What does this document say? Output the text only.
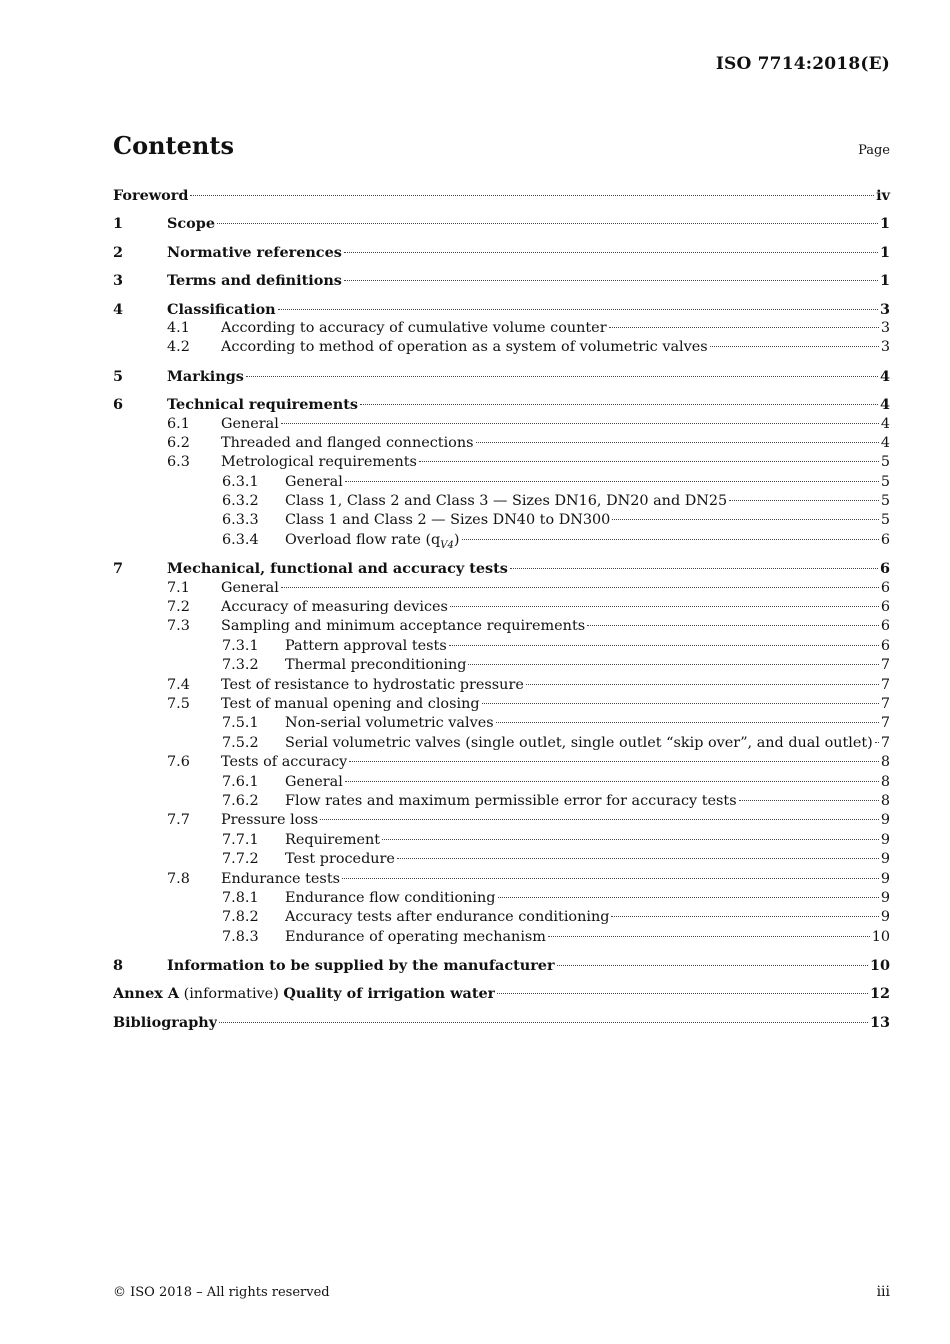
ISO 7714:2018(E)
Contents	Page
Foreword	iv
1	Scope	1
2	Normative references	1
3	Terms and definitions	1
4	Classification	3
4.1	According to accuracy of cumulative volume counter	3
4.2	According to method of operation as a system of volumetric valves	3
5	Markings	4
6	Technical requirements	4
6.1	General	4
6.2	Threaded and flanged connections	4
6.3	Metrological requirements	5
6.3.1	General	5
6.3.2	Class 1, Class 2 and Class 3 — Sizes DN16, DN20 and DN25	5
6.3.3	Class 1 and Class 2 — Sizes DN40 to DN300	5
6.3.4	Overload flow rate $(q_{V4})$	6
7	Mechanical, functional and accuracy tests	6
7.1	General	6
7.2	Accuracy of measuring devices	6
7.3	Sampling and minimum acceptance requirements	6
7.3.1	Pattern approval tests	6
7.3.2	Thermal preconditioning	7
7.4	Test of resistance to hydrostatic pressure	7
7.5	Test of manual opening and closing	7
7.5.1	Non-serial volumetric valves	7
7.5.2	Serial volumetric valves (single outlet, single outlet “skip over”, and dual outlet) 7
7.6	Tests of accuracy	8
7.6.1	General	8
7.6.2	Flow rates and maximum permissible error for accuracy tests	8
7.7	Pressure loss	9
7.7.1	Requirement	9
7.7.2	Test procedure	9
7.8	Endurance tests	9
7.8.1	Endurance flow conditioning	9
7.8.2	Accuracy tests after endurance conditioning	9
7.8.3	Endurance of operating mechanism	10
8	Information to be supplied by the manufacturer	10
Annex A (informative) Quality of irrigation water	12
Bibliography	13
© ISO 2018 – All rights reserved	iii
